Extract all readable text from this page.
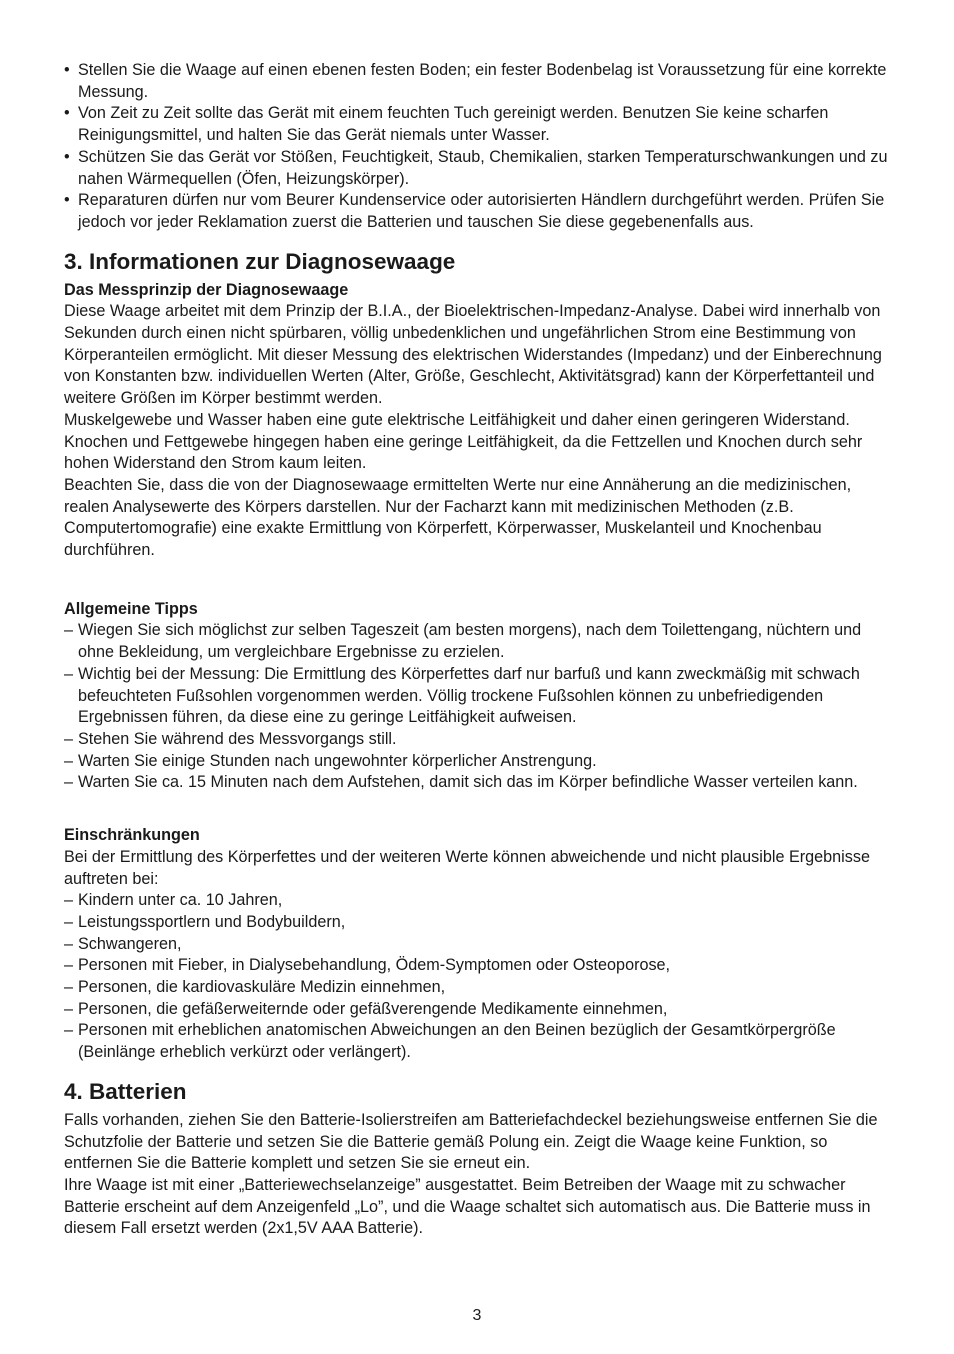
• Stellen Sie die Waage auf einen ebenen festen Boden; ein fester Bodenbelag ist Voraussetzung für eine korrekte Messung.
• Von Zeit zu Zeit sollte das Gerät mit einem feuchten Tuch gereinigt werden. Benutzen Sie keine scharfen Reinigungsmittel, und halten Sie das Gerät niemals unter Wasser.
• Schützen Sie das Gerät vor Stößen, Feuchtigkeit, Staub, Chemikalien, starken Temperaturschwankungen und zu nahen Wärmequellen (Öfen, Heizungskörper).
• Reparaturen dürfen nur vom Beurer Kundenservice oder autorisierten Händlern durchgeführt werden. Prüfen Sie jedoch vor jeder Reklamation zuerst die Batterien und tauschen Sie diese gegebenenfalls aus.
3. Informationen zur Diagnosewaage
Das Messprinzip der Diagnosewaage

Diese Waage arbeitet mit dem Prinzip der B.I.A., der Bioelektrischen-Impedanz-Analyse. Dabei wird innerhalb von Sekunden durch einen nicht spürbaren, völlig unbedenklichen und ungefährlichen Strom eine Bestimmung von Körperanteilen ermöglicht. Mit dieser Messung des elektrischen Widerstandes (Impedanz) und der Einberechnung von Konstanten bzw. individuellen Werten (Alter, Größe, Geschlecht, Aktivitätsgrad) kann der Körperfettanteil und weitere Größen im Körper bestimmt werden.

Muskelgewebe und Wasser haben eine gute elektrische Leitfähigkeit und daher einen geringeren Widerstand.

Knochen und Fettgewebe hingegen haben eine geringe Leitfähigkeit, da die Fettzellen und Knochen durch sehr hohen Widerstand den Strom kaum leiten.

Beachten Sie, dass die von der Diagnosewaage ermittelten Werte nur eine Annäherung an die medizinischen, realen Analysewerte des Körpers darstellen. Nur der Facharzt kann mit medizinischen Methoden (z.B. Computertomografie) eine exakte Ermittlung von Körperfett, Körperwasser, Muskelanteil und Knochenbau durchführen.

Allgemeine Tipps
– Wiegen Sie sich möglichst zur selben Tageszeit (am besten morgens), nach dem Toilettengang, nüchtern und ohne Bekleidung, um vergleichbare Ergebnisse zu erzielen.
– Wichtig bei der Messung: Die Ermittlung des Körperfettes darf nur barfuß und kann zweckmäßig mit schwach befeuchteten Fußsohlen vorgenommen werden. Völlig trockene Fußsohlen können zu unbefriedigenden Ergebnissen führen, da diese eine zu geringe Leitfähigkeit aufweisen.
– Stehen Sie während des Messvorgangs still.
– Warten Sie einige Stunden nach ungewohnter körperlicher Anstrengung.
– Warten Sie ca. 15 Minuten nach dem Aufstehen, damit sich das im Körper befindliche Wasser verteilen kann.
Einschränkungen

Bei der Ermittlung des Körperfettes und der weiteren Werte können abweichende und nicht plausible Ergebnisse auftreten bei:

– Kindern unter ca. 10 Jahren,
– Leistungssportlern und Bodybuildern,
– Schwangeren,
– Personen mit Fieber, in Dialysebehandlung, Ödem-Symptomen oder Osteoporose,
– Personen, die kardiovaskuläre Medizin einnehmen,
– Personen, die gefäßerweiternde oder gefäßverengende Medikamente einnehmen,
– Personen mit erheblichen anatomischen Abweichungen an den Beinen bezüglich der Gesamtkörpergröße (Beinlänge erheblich verkürzt oder verlängert).
4. Batterien

Falls vorhanden, ziehen Sie den Batterie-Isolierstreifen am Batteriefachdeckel beziehungsweise entfernen Sie die Schutzfolie der Batterie und setzen Sie die Batterie gemäß Polung ein. Zeigt die Waage keine Funktion, so entfernen Sie die Batterie komplett und setzen Sie sie erneut ein.

Ihre Waage ist mit einer „Batteriewechselanzeige” ausgestattet. Beim Betreiben der Waage mit zu schwacher Batterie erscheint auf dem Anzeigenfeld „Lo”, und die Waage schaltet sich automatisch aus. Die Batterie muss in diesem Fall ersetzt werden (2x1,5V AAA Batterie).

3
